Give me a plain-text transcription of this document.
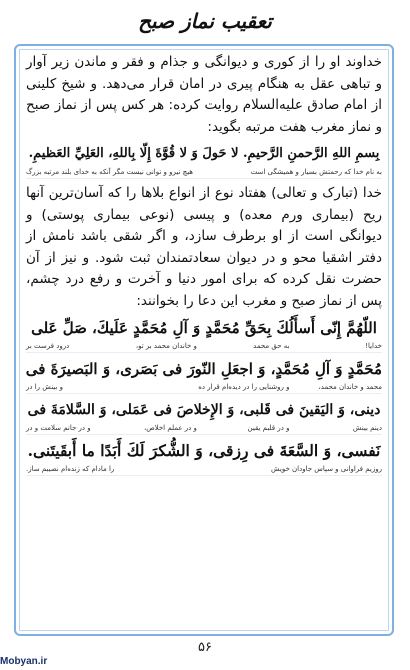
تعقیب نماز صبح

خداوند او را از کوری و دیوانگی و جذام و فقر و ماندن زیر آوار و تباهی عقل به هنگام پیری در امان قرار می‌دهد. و شیخ کلینی از امام صادق علیه‌السلام روایت کرده: هر کس پس از نماز صبح و نماز مغرب هفت مرتبه بگوید:

بِسمِ اللهِ الرَّحمنِ الرَّحيمِ. لا حَولَ وَ لا قُوَّةَ إِلّا بِاللهِ، العَلِيِّ العَظيمِ.

به نام خدا که رحمتش بسیار و همیشگی است
هیچ نیرو و توانی نیست مگر آنکه به خدای بلند مرتبه بزرگ

خدا (تبارک و تعالی) هفتاد نوع از انواع بلاها را که آسان‌ترین آنها ریح (بیماری ورم معده) و پیسی (نوعی بیماری پوستی) و دیوانگی است از او برطرف سازد، و اگر شقی باشد نامش از دفتر اشقیا محو و در دیوان سعادتمندان ثبت شود. و نیز از آن حضرت نقل کرده که برای امور دنیا و آخرت و رفع درد چشم، پس از نماز صبح و مغرب این دعا را بخوانند:

اللّهُمَّ إِنّى أَسأَلُكَ بِحَقِّ مُحَمَّدٍ وَ آلِ مُحَمَّدٍ عَلَيكَ، صَلِّ عَلى

خدایا!
به حق محمد
و خاندان محمد بر تو،
درود فرست بر

مُحَمَّدٍ وَ آلِ مُحَمَّدٍ، وَ اجعَلِ النّورَ فى بَصَرى، وَ البَصيرَةَ فى

محمد و خاندان محمد،
و روشنایی را در دیده‌ام قرار ده
و بینش را در

دينى، وَ اليَقينَ فى قَلبى، وَ الإِخلاصَ فى عَمَلى، وَ السَّلامَةَ فى

دینم بینش
و در قلبم یقین
و در عملم اخلاص،
و در جانم سلامت و در

نَفسى، وَ السَّعَةَ فى رِزقى، وَ الشُّكرَ لَكَ أَبَدًا ما أَبقَيتَنى.

روزیم فراوانی و سپاس جاودان خویش
را مادام که زنده‌ام نصیبم ساز.
۵۶
Mobyan.ir
